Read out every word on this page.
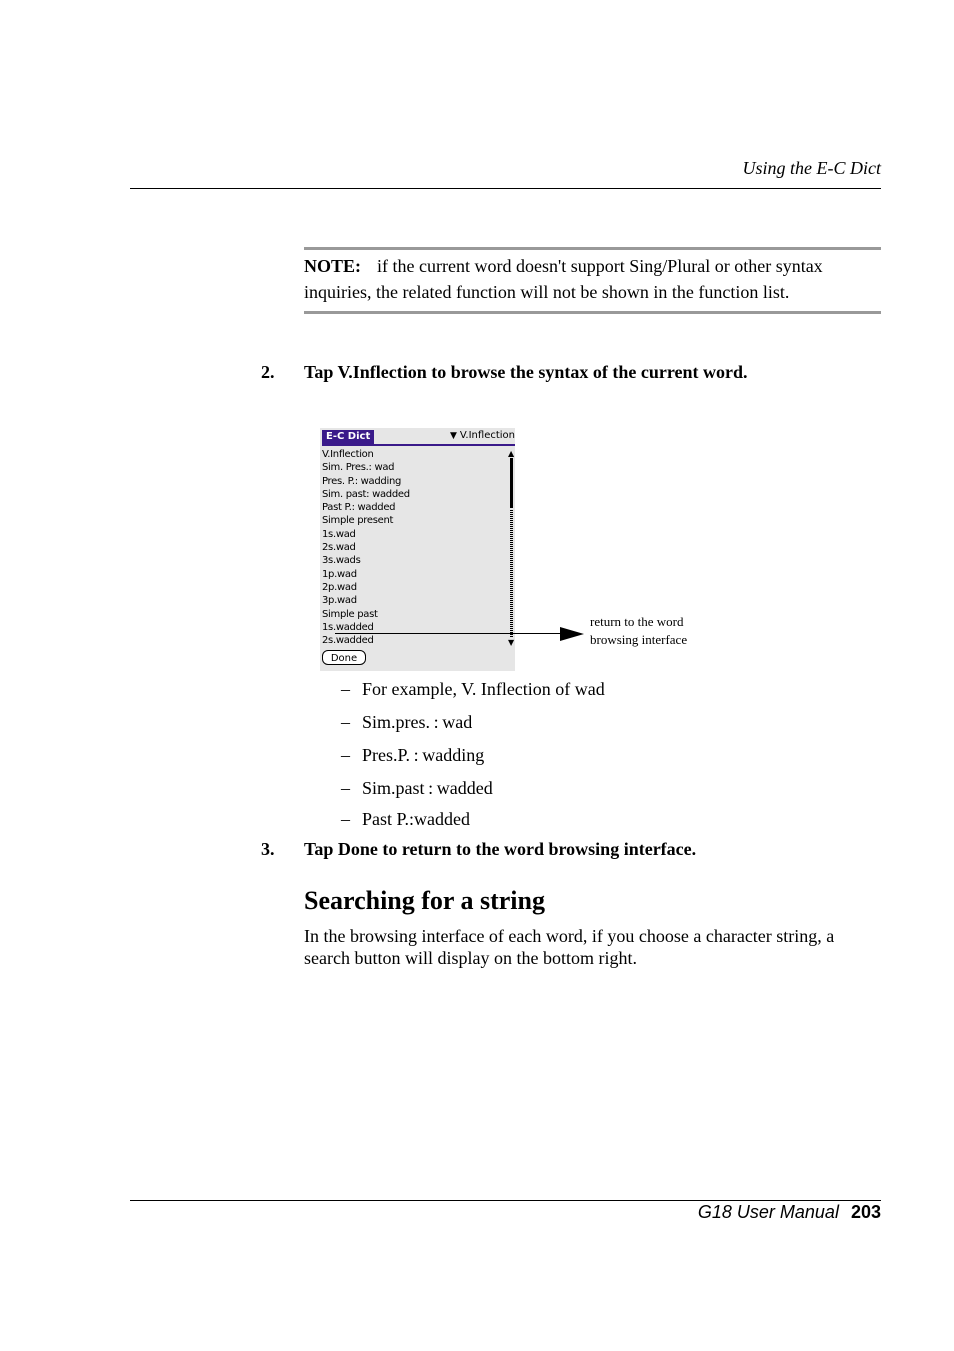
Using the E-C Dict
NOTE: if the current word doesn't support Sing/Plural or other syntax inquiries, the related function will not be shown in the function list.
2. Tap V.Inflection to browse the syntax of the current word.
E-C Dict	▼ V.Inflection
V.Inflection
Sim. Pres.: wad
Pres. P.: wadding
Sim. past: wadded
Past P.: wadded
Simple present
1s.wad
2s.wad
3s.wads
1p.wad
2p.wad
3p.wad
Simple past
1s.wadded
2s.wadded
▲
▼
Done
return to the word
browsing interface
– For example, V. Inflection of wad
– Sim.pres. : wad
– Pres.P. : wadding
– Sim.past : wadded
– Past P.:wadded
3. Tap Done to return to the word browsing interface.
Searching for a string
In the browsing interface of each word, if you choose a character string, a search button will display on the bottom right.
G18 User Manual 203
